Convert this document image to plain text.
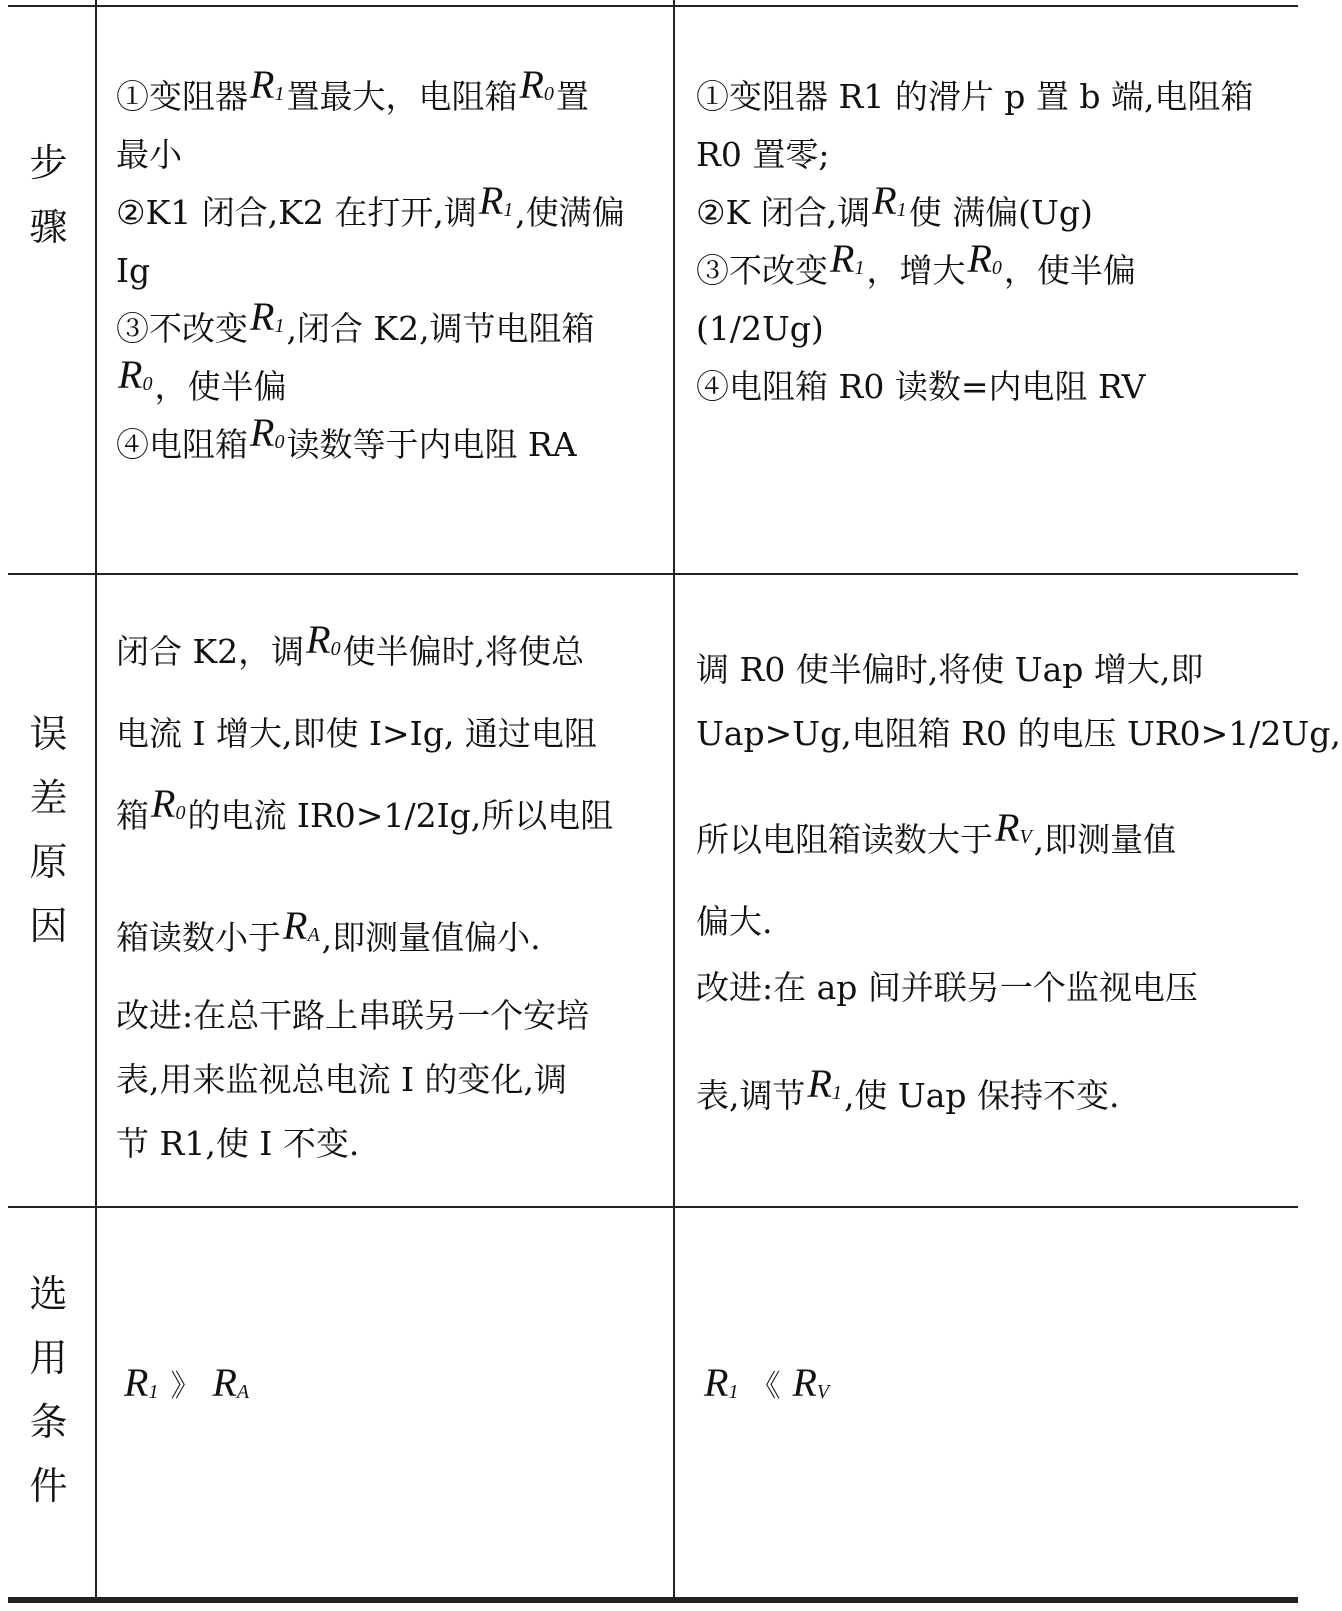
步
骤
误
差
原
因
选
用
条
件

①变阻器$R_1$置最大，电阻箱$R_0$置

最小

②K1 闭合,K2 在打开,调$R_1$,使满偏

Ig

③不改变$R_1$,闭合 K2,调节电阻箱

$R_0$，使半偏

④电阻箱$R_0$读数等于内电阻 RA

①变阻器 R1 的滑片 p 置 b 端,电阻箱

R0 置零;

②K 闭合,调$R_1$使 满偏(Ug)

③不改变$R_1$，增大$R_0$，使半偏

(1/2Ug)

④电阻箱 R0 读数=内电阻 RV

闭合 K2，调$R_0$使半偏时,将使总

电流 I 增大,即使 I>Ig, 通过电阻

箱$R_0$的电流 IR0>1/2Ig,所以电阻

箱读数小于$R_A$,即测量值偏小.

改进:在总干路上串联另一个安培

表,用来监视总电流 I 的变化,调

节 R1,使 I 不变.

调 R0 使半偏时,将使 Uap 增大,即

Uap>Ug,电阻箱 R0 的电压 UR0>1/2Ug,

所以电阻箱读数大于$R_V$,即测量值

偏大.

改进:在 ap 间并联另一个监视电压

表,调节$R_1$,使 Uap 保持不变.

$R_1$ 》 $R_A$	$R_1$ 《 $R_V$
